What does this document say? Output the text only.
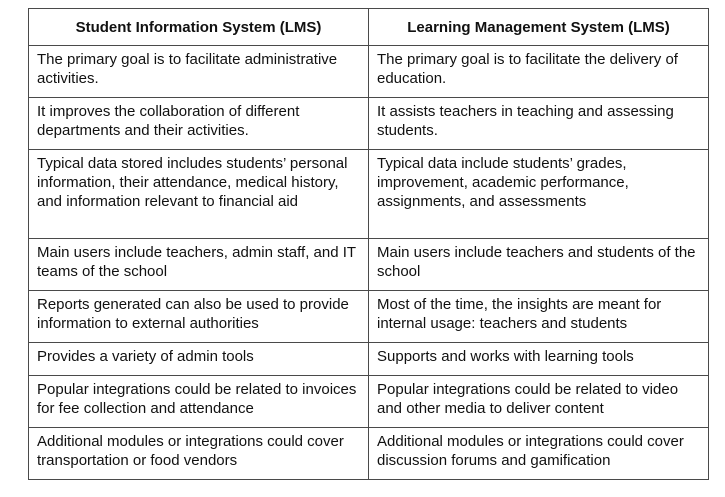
Student Information System (LMS)	Learning Management System (LMS)
The primary goal is to facilitate administrative activities.	The primary goal is to facilitate the delivery of education.
It improves the collaboration of different departments and their activities.	It assists teachers in teaching and assessing students.
Typical data stored includes students’ personal information, their attendance, medical history, and information relevant to financial aid	Typical data include students’ grades, improvement, academic performance, assignments, and assessments
Main users include teachers, admin staff, and IT teams of the school	Main users include teachers and students of the school
Reports generated can also be used to provide information to external authorities	Most of the time, the insights are meant for internal usage: teachers and students
Provides a variety of admin tools	Supports and works with learning tools
Popular integrations could be related to invoices for fee collection and attendance	Popular integrations could be related to video and other media to deliver content
Additional modules or integrations could cover transportation or food vendors	Additional modules or integrations could cover discussion forums and gamification
